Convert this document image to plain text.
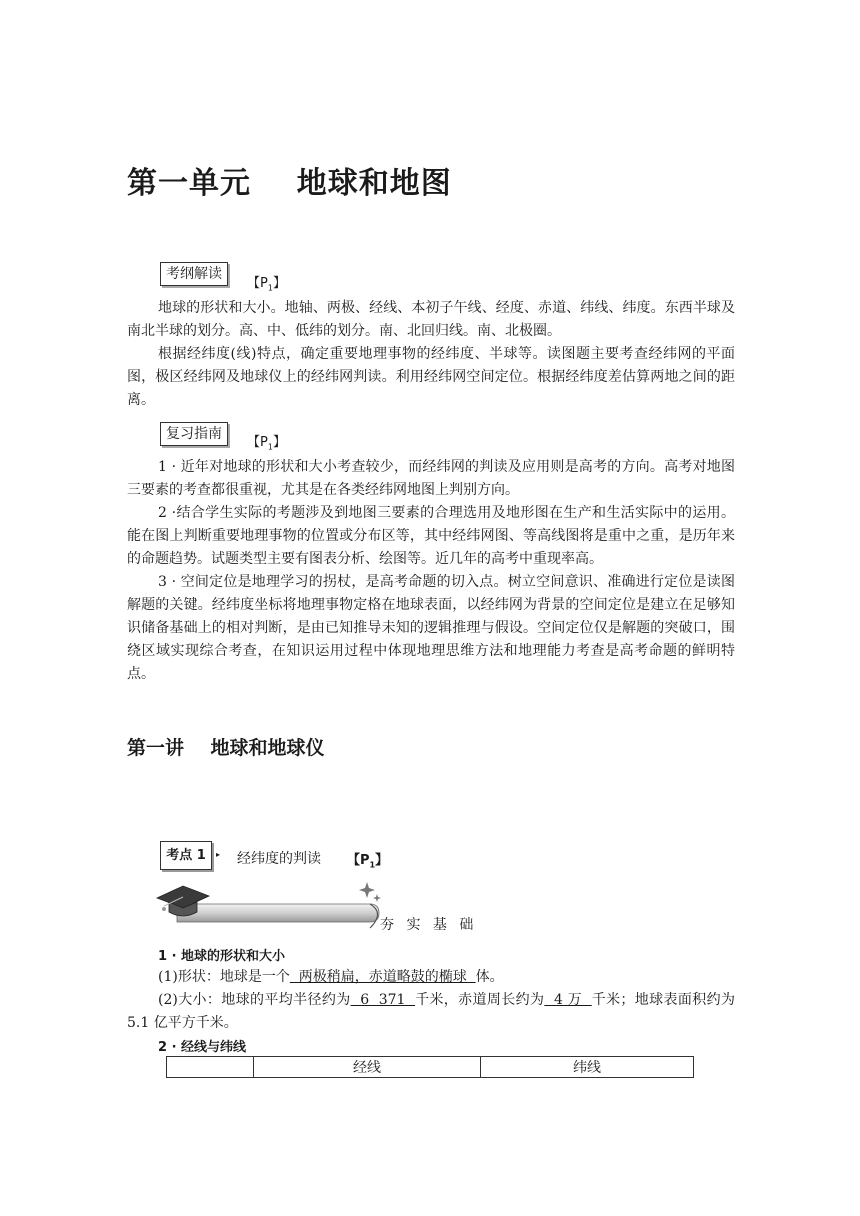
第一单元    地球和地图
考纲解读
【$P_1$】

地球的形状和大小。地轴、两极、经线、本初子午线、经度、赤道、纬线、纬度。东西半球及南北半球的划分。高、中、低纬的划分。南、北回归线。南、北极圈。

根据经纬度(线)特点，确定重要地理事物的经纬度、半球等。读图题主要考查经纬网的平面图，极区经纬网及地球仪上的经纬网判读。利用经纬网空间定位。根据经纬度差估算两地之间的距离。

复习指南
【$P_1$】

1 · 近年对地球的形状和大小考查较少，而经纬网的判读及应用则是高考的方向。高考对地图三要素的考查都很重视，尤其是在各类经纬网地图上判别方向。

2 ·结合学生实际的考题涉及到地图三要素的合理选用及地形图在生产和生活实际中的运用。能在图上判断重要地理事物的位置或分布区等，其中经纬网图、等高线图将是重中之重，是历年来的命题趋势。试题类型主要有图表分析、绘图等。近几年的高考中重现率高。

3 · 空间定位是地理学习的拐杖，是高考命题的切入点。树立空间意识、准确进行定位是读图解题的关键。经纬度坐标将地理事物定格在地球表面，以经纬网为背景的空间定位是建立在足够知识储备基础上的相对判断，是由已知推导未知的逻辑推理与假设。空间定位仅是解题的突破口，围绕区域实现综合考查，在知识运用过程中体现地理思维方法和地理能力考查是高考命题的鲜明特点。

第一讲    地球和地球仪
考点 1	▸ 经纬度的判读 【$P_1$】
夯 实 基 础
1 · 地球的形状和大小

(1)形状：地球是一个  两极稍扁，赤道略鼓的椭球  体。

(2)大小：地球的平均半径约为  6  371  千米，赤道周长约为  4 万  千米；地球表面积约为 5.1 亿平方千米。

2 · 经线与纬线
	经线	纬线
